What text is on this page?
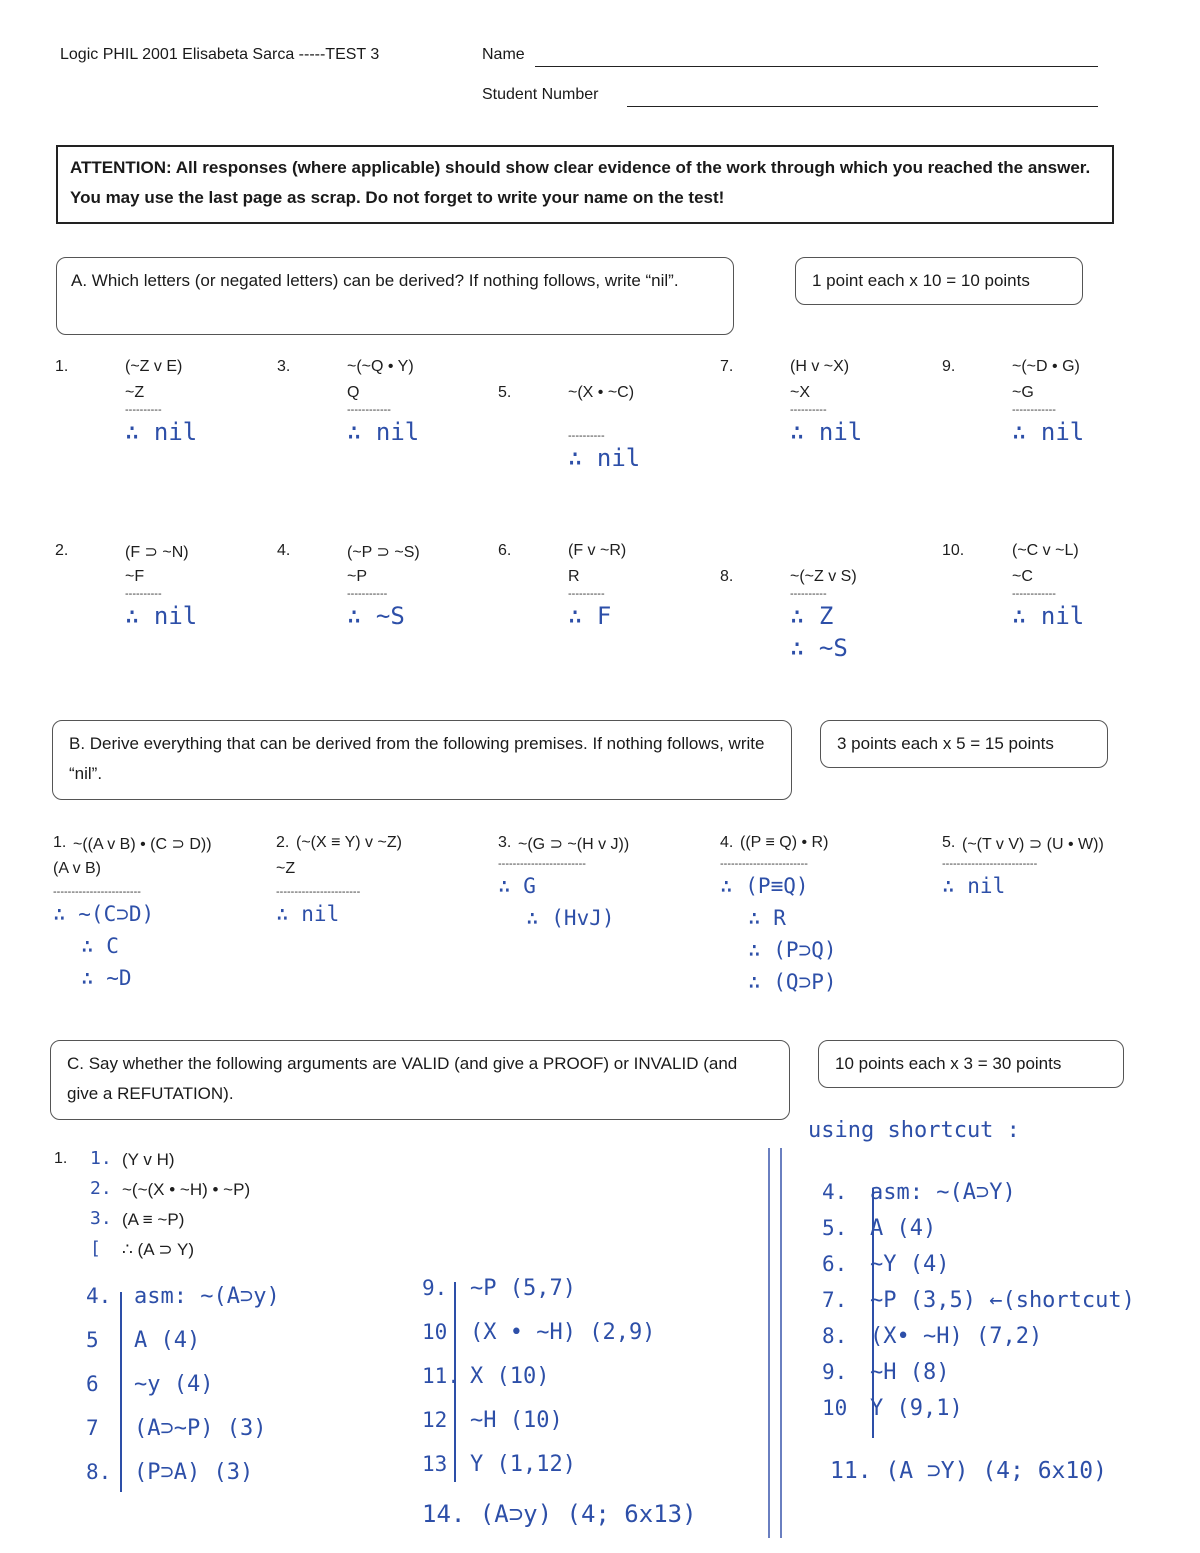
Logic PHIL 2001 Elisabeta Sarca -----TEST 3	Name
Student Number
ATTENTION: All responses (where applicable) should show clear evidence of the work through which you reached the answer. You may use the last page as scrap. Do not forget to write your name on the test!
A. Which letters (or negated letters) can be derived? If nothing follows, write “nil”.	1 point each x 10 = 10 points
1.	(~Z v E)
~Z
----------
∴ nil
2.	(F ⊃ ~N)
~F
----------
∴ nil
3.	~(~Q • Y)
Q
------------
∴ nil
4.	(~P ⊃ ~S)
~P
-----------
∴ ~S
5.	~(X • ~C)
----------
∴ nil
6.	(F v ~R)
R
----------
∴ F
7.	(H v ~X)
~X
----------
∴ nil
8.	~(~Z v S)
----------
∴ Z
∴ ~S
9.	~(~D • G)
~G
------------
∴ nil
10.	(~C v ~L)
~C
------------
∴ nil
B. Derive everything that can be derived from the following premises. If nothing follows, write “nil”.
3 points each x 5 = 15 points
1. ~((A v B) • (C ⊃ D))
(A v B)
------------------------
∴ ~(C⊃D)
∴ C
∴ ~D
2. (~(X ≡ Y) v ~Z)
~Z
-----------------------
∴ nil
3. ~(G ⊃ ~(H v J))
------------------------
∴ G
∴ (HvJ)
4. ((P ≡ Q) • R)
------------------------
∴ (P≡Q)
∴ R
∴ (P⊃Q)
∴ (Q⊃P)
5. (~(T v V) ⊃ (U • W))
--------------------------
∴ nil
C. Say whether the following arguments are VALID (and give a PROOF) or INVALID (and give a REFUTATION).
10 points each x 3 = 30 points
1. 1. (Y v H)
2. ~(~(X • ~H) • ~P)
3. (A ≡ ~P)
[ ∴ (A ⊃ Y)
4. asm: ~(A⊃y)
5 A (4)
6 ~y (4)
7 (A⊃~P) (3)
8. (P⊃A) (3)
9. ~P (5,7)
10 (X • ~H) (2,9)
11. X (10)
12 ~H (10)
13 Y (1,12)
14. (A⊃y) (4; 6x13)
using shortcut :
4. asm: ~(A⊃Y)
5. A (4)
6. ~Y (4)
7. ~P (3,5) ←(shortcut)
8. (X• ~H) (7,2)
9. ~H (8)
10 Y (9,1)
11. (A ⊃Y) (4; 6x10)
